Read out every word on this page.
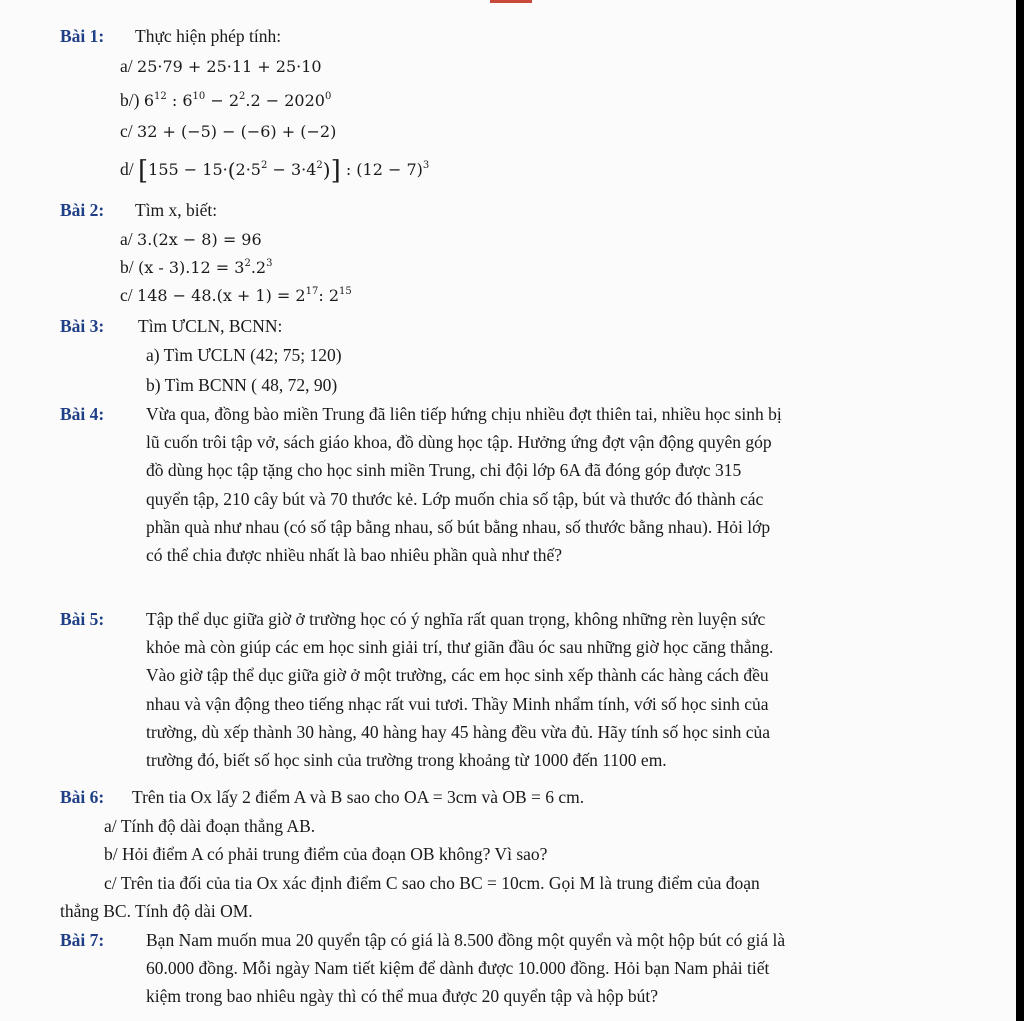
Bài 1: Thực hiện phép tính:
a/ 25·79 + 25·11 + 25·10
b/) $6^{12}$ : $6^{10} - 2^2.2 - 2020^0$
c/ 32 + (−5) − (−6) + (−2)
d/ $[155 - 15\cdot(2\cdot 5^2 - 3\cdot 4^2)]$ : $(12 - 7)^3$
Bài 2: Tìm x, biết:
a/ 3.(2x − 8) = 96
b/ $(x - 3).12 = 3^2.2^3$
c/ $148 - 48.(x + 1) = 2^{17}$: $2^{15}$
Bài 3: Tìm ƯCLN, BCNN:
a) Tìm ƯCLN (42; 75; 120)
b) Tìm BCNN ( 48, 72, 90)
Bài 4: Vừa qua, đồng bào miền Trung đã liên tiếp hứng chịu nhiều đợt thiên tai, nhiều học sinh bị

lũ cuốn trôi tập vở, sách giáo khoa, đồ dùng học tập. Hưởng ứng đợt vận động quyên góp

đồ dùng học tập tặng cho học sinh miền Trung, chi đội lớp 6A đã đóng góp được 315

quyển tập, 210 cây bút và 70 thước kẻ. Lớp muốn chia số tập, bút và thước đó thành các

phần quà như nhau (có số tập bằng nhau, số bút bằng nhau, số thước bằng nhau). Hỏi lớp

có thể chia được nhiều nhất là bao nhiêu phần quà như thế?

Bài 5: Tập thể dục giữa giờ ở trường học có ý nghĩa rất quan trọng, không những rèn luyện sức

khỏe mà còn giúp các em học sinh giải trí, thư giãn đầu óc sau những giờ học căng thẳng.

Vào giờ tập thể dục giữa giờ ở một trường, các em học sinh xếp thành các hàng cách đều

nhau và vận động theo tiếng nhạc rất vui tươi. Thầy Minh nhẩm tính, với số học sinh của

trường, dù xếp thành 30 hàng, 40 hàng hay 45 hàng đều vừa đủ. Hãy tính số học sinh của

trường đó, biết số học sinh của trường trong khoảng từ 1000 đến 1100 em.

Bài 6: Trên tia Ox lấy 2 điểm A và B sao cho OA = 3cm và OB = 6 cm.
a/ Tính độ dài đoạn thẳng AB.
b/ Hỏi điểm A có phải trung điểm của đoạn OB không? Vì sao?
c/ Trên tia đối của tia Ox xác định điểm C sao cho BC = 10cm. Gọi M là trung điểm của đoạn
thẳng BC. Tính độ dài OM.
Bài 7: Bạn Nam muốn mua 20 quyển tập có giá là 8.500 đồng một quyển và một hộp bút có giá là

60.000 đồng. Mỗi ngày Nam tiết kiệm để dành được 10.000 đồng. Hỏi bạn Nam phải tiết

kiệm trong bao nhiêu ngày thì có thể mua được 20 quyển tập và hộp bút?
